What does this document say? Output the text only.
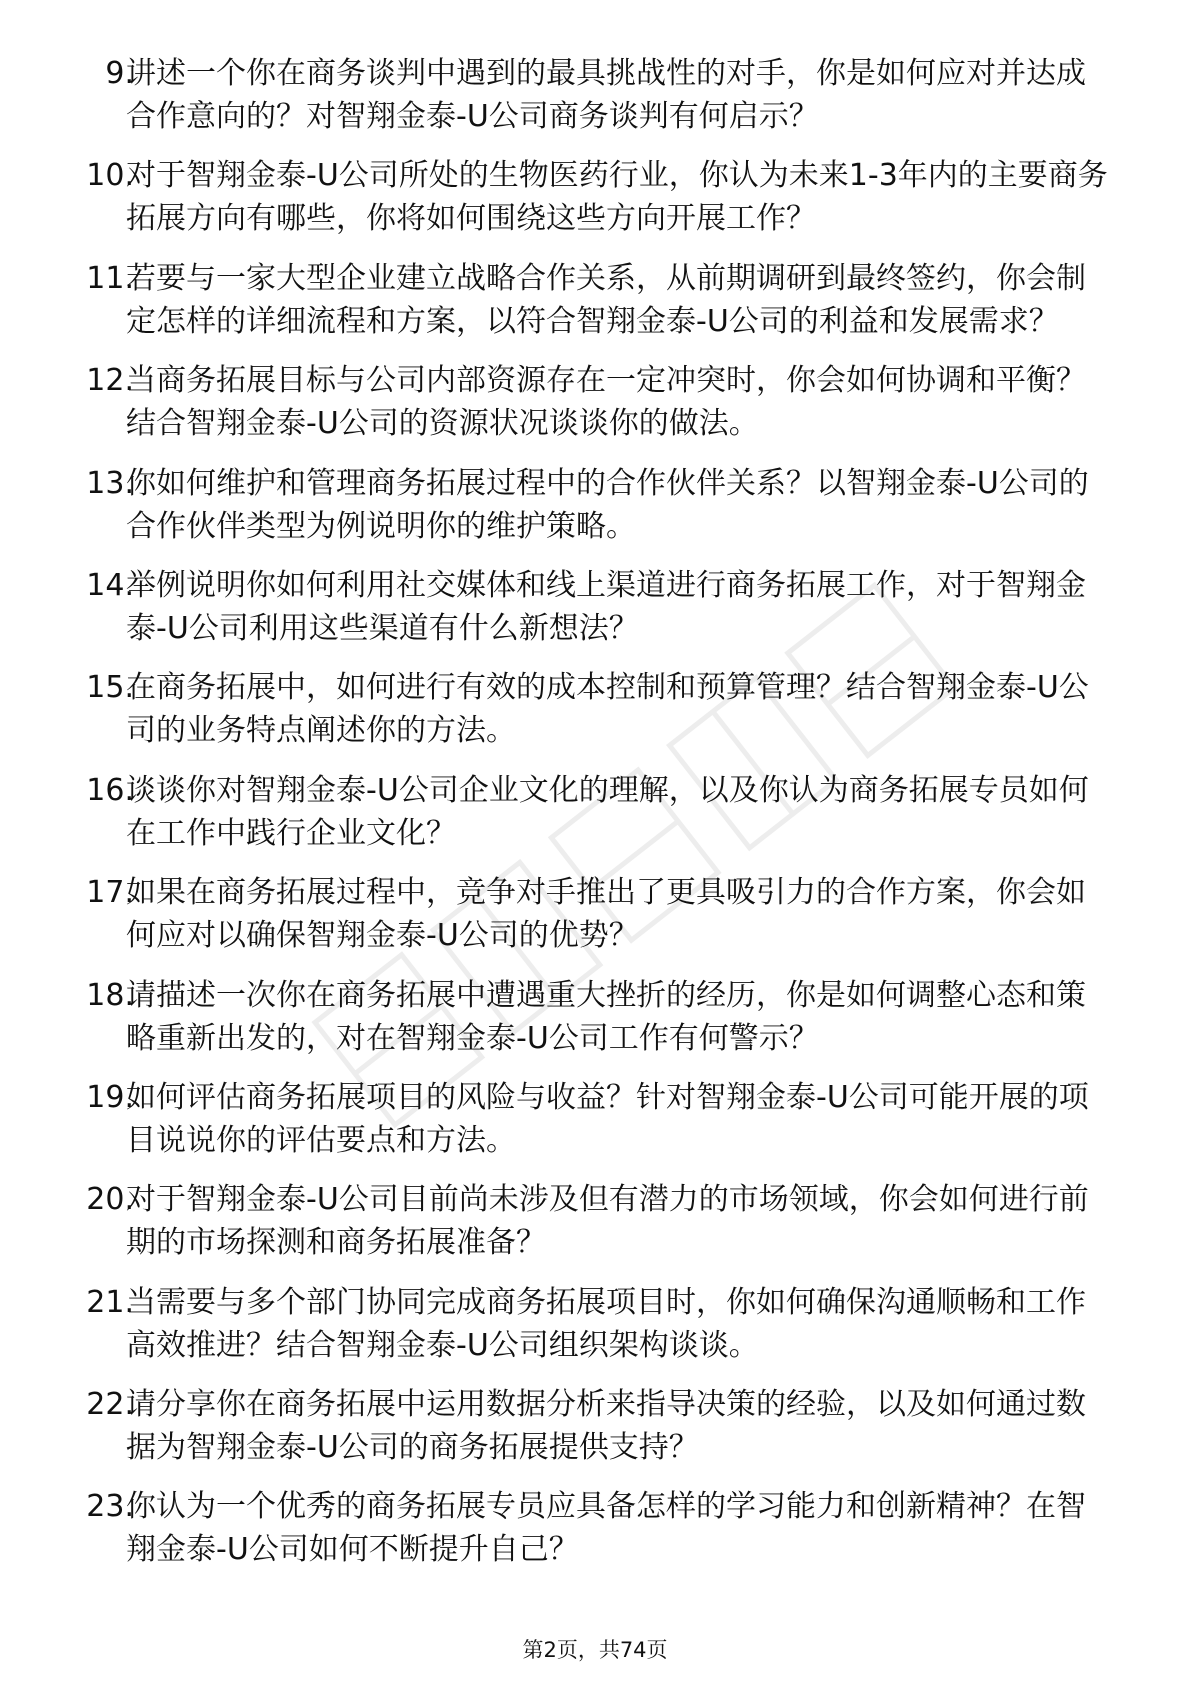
9.
讲述一个你在商务谈判中遇到的最具挑战性的对手，你是如何应对并达成合作意向的？对智翔金泰-U公司商务谈判有何启示？
10.
对于智翔金泰-U公司所处的生物医药行业，你认为未来1-3年内的主要商务拓展方向有哪些，你将如何围绕这些方向开展工作？
11.
若要与一家大型企业建立战略合作关系，从前期调研到最终签约，你会制定怎样的详细流程和方案，以符合智翔金泰-U公司的利益和发展需求？
12.
当商务拓展目标与公司内部资源存在一定冲突时，你会如何协调和平衡？结合智翔金泰-U公司的资源状况谈谈你的做法。
13.
你如何维护和管理商务拓展过程中的合作伙伴关系？以智翔金泰-U公司的合作伙伴类型为例说明你的维护策略。
14.
举例说明你如何利用社交媒体和线上渠道进行商务拓展工作，对于智翔金泰-U公司利用这些渠道有什么新想法？
15.
在商务拓展中，如何进行有效的成本控制和预算管理？结合智翔金泰-U公司的业务特点阐述你的方法。
16.
谈谈你对智翔金泰-U公司企业文化的理解，以及你认为商务拓展专员如何在工作中践行企业文化？
17.
如果在商务拓展过程中，竞争对手推出了更具吸引力的合作方案，你会如何应对以确保智翔金泰-U公司的优势？
18.
请描述一次你在商务拓展中遭遇重大挫折的经历，你是如何调整心态和策略重新出发的，对在智翔金泰-U公司工作有何警示？
19.
如何评估商务拓展项目的风险与收益？针对智翔金泰-U公司可能开展的项目说说你的评估要点和方法。
20.
对于智翔金泰-U公司目前尚未涉及但有潜力的市场领域，你会如何进行前期的市场探测和商务拓展准备？
21.
当需要与多个部门协同完成商务拓展项目时，你如何确保沟通顺畅和工作高效推进？结合智翔金泰-U公司组织架构谈谈。
22.
请分享你在商务拓展中运用数据分析来指导决策的经验，以及如何通过数据为智翔金泰-U公司的商务拓展提供支持？
23.
你认为一个优秀的商务拓展专员应具备怎样的学习能力和创新精神？在智翔金泰-U公司如何不断提升自己？
第2页，共74页
